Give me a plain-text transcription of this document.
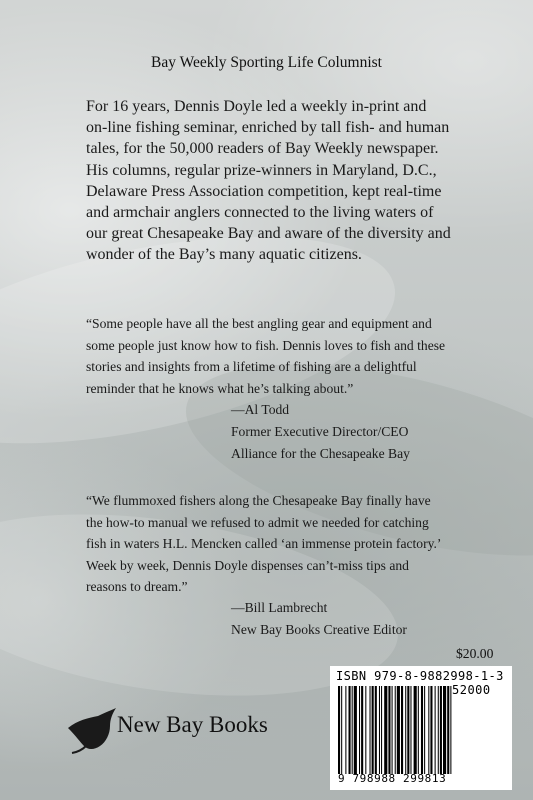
Bay Weekly Sporting Life Columnist
For 16 years, Dennis Doyle led a weekly in-print and
on-line fishing seminar, enriched by tall fish- and human
tales, for the 50,000 readers of Bay Weekly newspaper.
His columns, regular prize-winners in Maryland, D.C.,
Delaware Press Association competition, kept real-time
and armchair anglers connected to the living waters of
our great Chesapeake Bay and aware of the diversity and
wonder of the Bay’s many aquatic citizens.
“Some people have all the best angling gear and equipment and
some people just know how to fish. Dennis loves to fish and these
stories and insights from a lifetime of fishing are a delightful
reminder that he knows what he’s talking about.”
—Al Todd
Former Executive Director/CEO
Alliance for the Chesapeake Bay
“We flummoxed fishers along the Chesapeake Bay finally have
the how-to manual we refused to admit we needed for catching
fish in waters H.L. Mencken called ‘an immense protein factory.’
Week by week, Dennis Doyle dispenses can’t-miss tips and
reasons to dream.”
—Bill Lambrecht
New Bay Books Creative Editor
$20.00
ISBN 979-8-9882998-1-3
52000
9 798988 299813
New Bay Books
